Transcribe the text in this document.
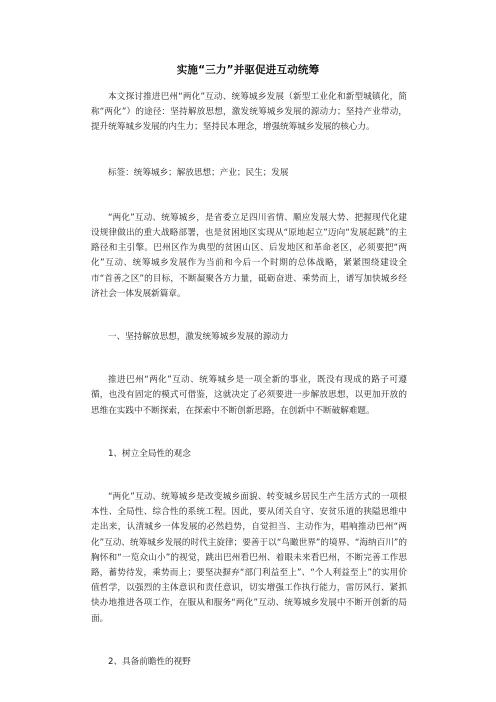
实施“三力”并驱促进互动统筹

本文探讨推进巴州“两化”互动、统筹城乡发展（新型工业化和新型城镇化，简称“两化”）的途径：坚持解放思想，激发统筹城乡发展的源动力；坚持产业带动，提升统筹城乡发展的内生力；坚持民本理念，增强统筹城乡发展的核心力。

标签：统筹城乡；解放思想；产业；民生；发展

“两化”互动、统筹城乡，是省委立足四川省情、顺应发展大势、把握现代化建设规律做出的重大战略部署，也是贫困地区实现从“原地起立”迈向“发展起跳”的主路径和主引擎。巴州区作为典型的贫困山区、后发地区和革命老区，必须要把“两化”互动、统筹城乡发展作为当前和今后一个时期的总体战略，紧紧围绕建设全市“首善之区”的目标，不断凝聚各方力量，砥砺奋进、乘势而上，谱写加快城乡经济社会一体发展新篇章。

一、坚持解放思想，激发统筹城乡发展的源动力

推进巴州“两化”互动、统筹城乡是一项全新的事业，既没有现成的路子可遵循，也没有固定的模式可借鉴，这就决定了必须要进一步解放思想，以更加开放的思维在实践中不断探索，在探索中不断创新思路，在创新中不断破解难题。

1、树立全局性的观念

“两化”互动、统筹城乡是改变城乡面貌、转变城乡居民生产生活方式的一项根本性、全局性、综合性的系统工程。因此，要从闭关自守、安贫乐道的狭隘思维中走出来，认清城乡一体发展的必然趋势，自觉担当、主动作为，唱响推动巴州“两化”互动、统筹城乡发展的时代主旋律；要善于以“鸟瞰世界”的境界、“海纳百川”的胸怀和“一览众山小”的视觉，跳出巴州看巴州、着眼未来看巴州，不断完善工作思路，蓄势待发，乘势而上；要坚决摒弃“部门利益至上”、“个人利益至上”的实用价值哲学，以强烈的主体意识和责任意识，切实增强工作执行能力，雷厉风行、紧抓快办地推进各项工作，在服从和服务“两化”互动、统筹城乡发展中不断开创新的局面。

2、具备前瞻性的视野
